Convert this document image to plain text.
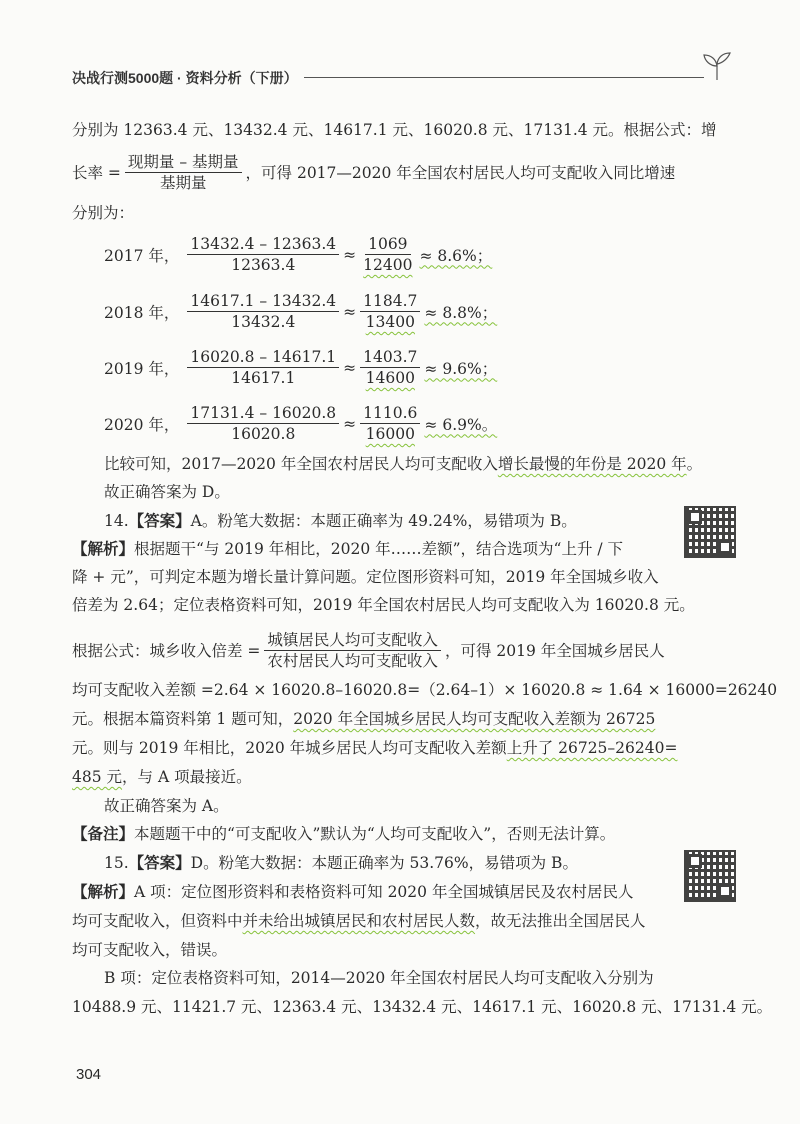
决战行测5000题 · 资料分析（下册）
分别为 12363.4 元、13432.4 元、14617.1 元、16020.8 元、17131.4 元。根据公式：增
长率 = $\frac{\text{现期量 – 基期量}}{\text{基期量}}$ ，可得 2017—2020 年全国农村居民人均可支配收入同比增速
分别为：
2017 年， $\frac{13432.4 - 12363.4}{12363.4} \approx \frac{1069}{12400} \approx 8.6\%$；
2018 年， $\frac{14617.1 - 13432.4}{13432.4} \approx \frac{1184.7}{13400} \approx 8.8\%$；
2019 年， $\frac{16020.8 - 14617.1}{14617.1} \approx \frac{1403.7}{14600} \approx 9.6\%$；
2020 年， $\frac{17131.4 - 16020.8}{16020.8} \approx \frac{1110.6}{16000} \approx 6.9\%$。
比较可知，2017—2020 年全国农村居民人均可支配收入增长最慢的年份是 2020 年。
故正确答案为 D。
14.【答案】A。粉笔大数据：本题正确率为 49.24%，易错项为 B。
【解析】根据题干“与 2019 年相比，2020 年……差额”，结合选项为“上升 / 下
降 + 元”，可判定本题为增长量计算问题。定位图形资料可知，2019 年全国城乡收入
倍差为 2.64；定位表格资料可知，2019 年全国农村居民人均可支配收入为 16020.8 元。
根据公式：城乡收入倍差 = $\frac{\text{城镇居民人均可支配收入}}{\text{农村居民人均可支配收入}}$ ，可得 2019 年全国城乡居民人
均可支配收入差额 =2.64 × 16020.8–16020.8=（2.64–1）× 16020.8 ≈ 1.64 × 16000=26240
元。根据本篇资料第 1 题可知，2020 年全国城乡居民人均可支配收入差额为 26725
元。则与 2019 年相比，2020 年城乡居民人均可支配收入差额上升了 26725–26240=
485 元，与 A 项最接近。
故正确答案为 A。
【备注】本题题干中的“可支配收入”默认为“人均可支配收入”，否则无法计算。
15.【答案】D。粉笔大数据：本题正确率为 53.76%，易错项为 B。
【解析】A 项：定位图形资料和表格资料可知 2020 年全国城镇居民及农村居民人
均可支配收入，但资料中并未给出城镇居民和农村居民人数，故无法推出全国居民人
均可支配收入，错误。
B 项：定位表格资料可知，2014—2020 年全国农村居民人均可支配收入分别为
10488.9 元、11421.7 元、12363.4 元、13432.4 元、14617.1 元、16020.8 元、17131.4 元。
304
